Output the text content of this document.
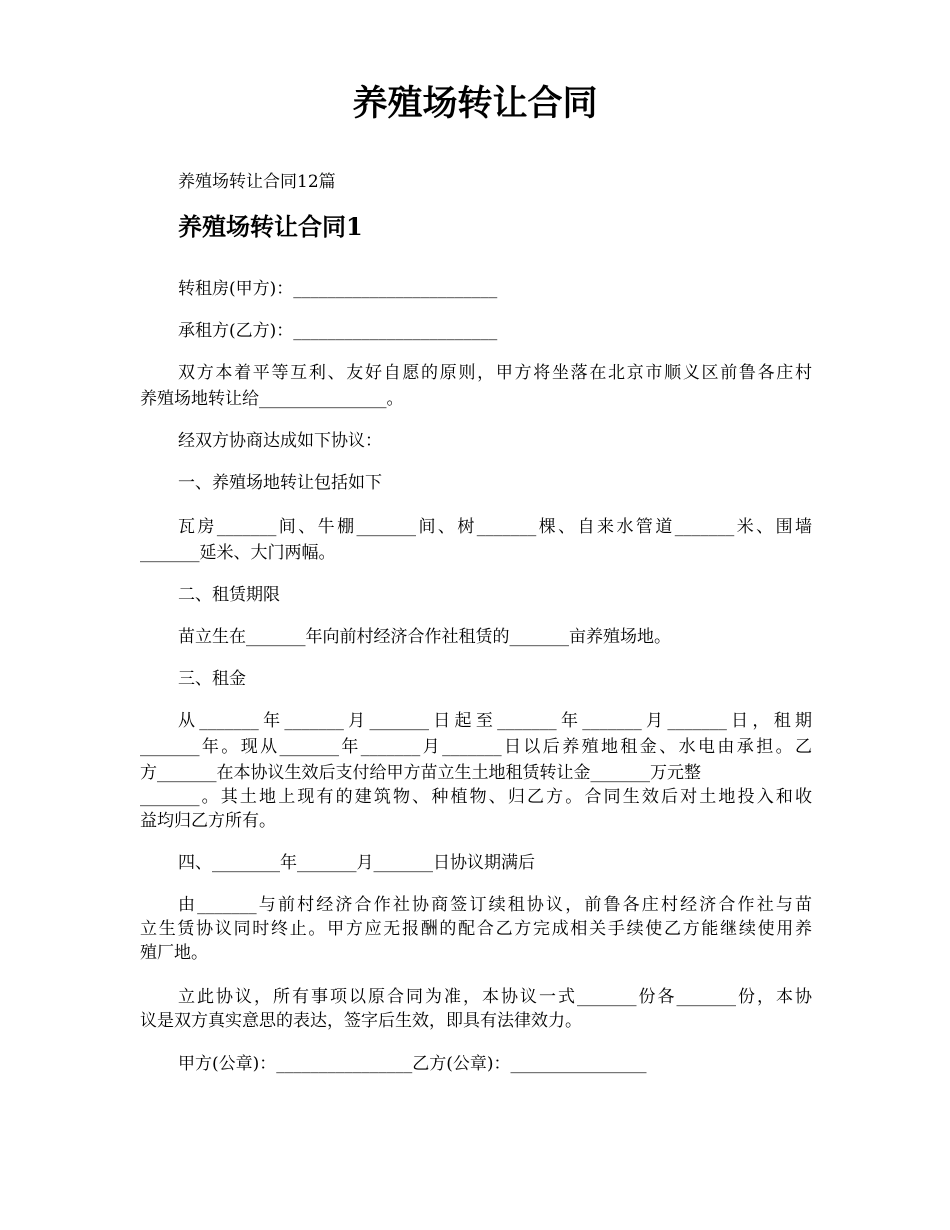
养殖场转让合同

养殖场转让合同12篇

养殖场转让合同1

转租房(甲方)：________________________

承租方(乙方)：________________________

双方本着平等互利、友好自愿的原则，甲方将坐落在北京市顺义区前鲁各庄村

养殖场地转让给_______________。

经双方协商达成如下协议：

一、养殖场地转让包括如下

瓦房_______间、牛棚_______间、树_______棵、自来水管道_______米、围墙

_______延米、大门两幅。

二、租赁期限

苗立生在_______年向前村经济合作社租赁的_______亩养殖场地。

三、租金

从_______年_______月_______日起至_______年_______月_______日，租期

_______年。现从_______年_______月_______日以后养殖地租金、水电由承担。乙

方_______在本协议生效后支付给甲方苗立生土地租赁转让金_______万元整

_______。其土地上现有的建筑物、种植物、归乙方。合同生效后对土地投入和收

益均归乙方所有。

四、________年_______月_______日协议期满后

由_______与前村经济合作社协商签订续租协议，前鲁各庄村经济合作社与苗

立生赁协议同时终止。甲方应无报酬的配合乙方完成相关手续使乙方能继续使用养

殖厂地。

立此协议，所有事项以原合同为准，本协议一式_______份各_______份，本协

议是双方真实意思的表达，签字后生效，即具有法律效力。

甲方(公章)：________________乙方(公章)：________________
